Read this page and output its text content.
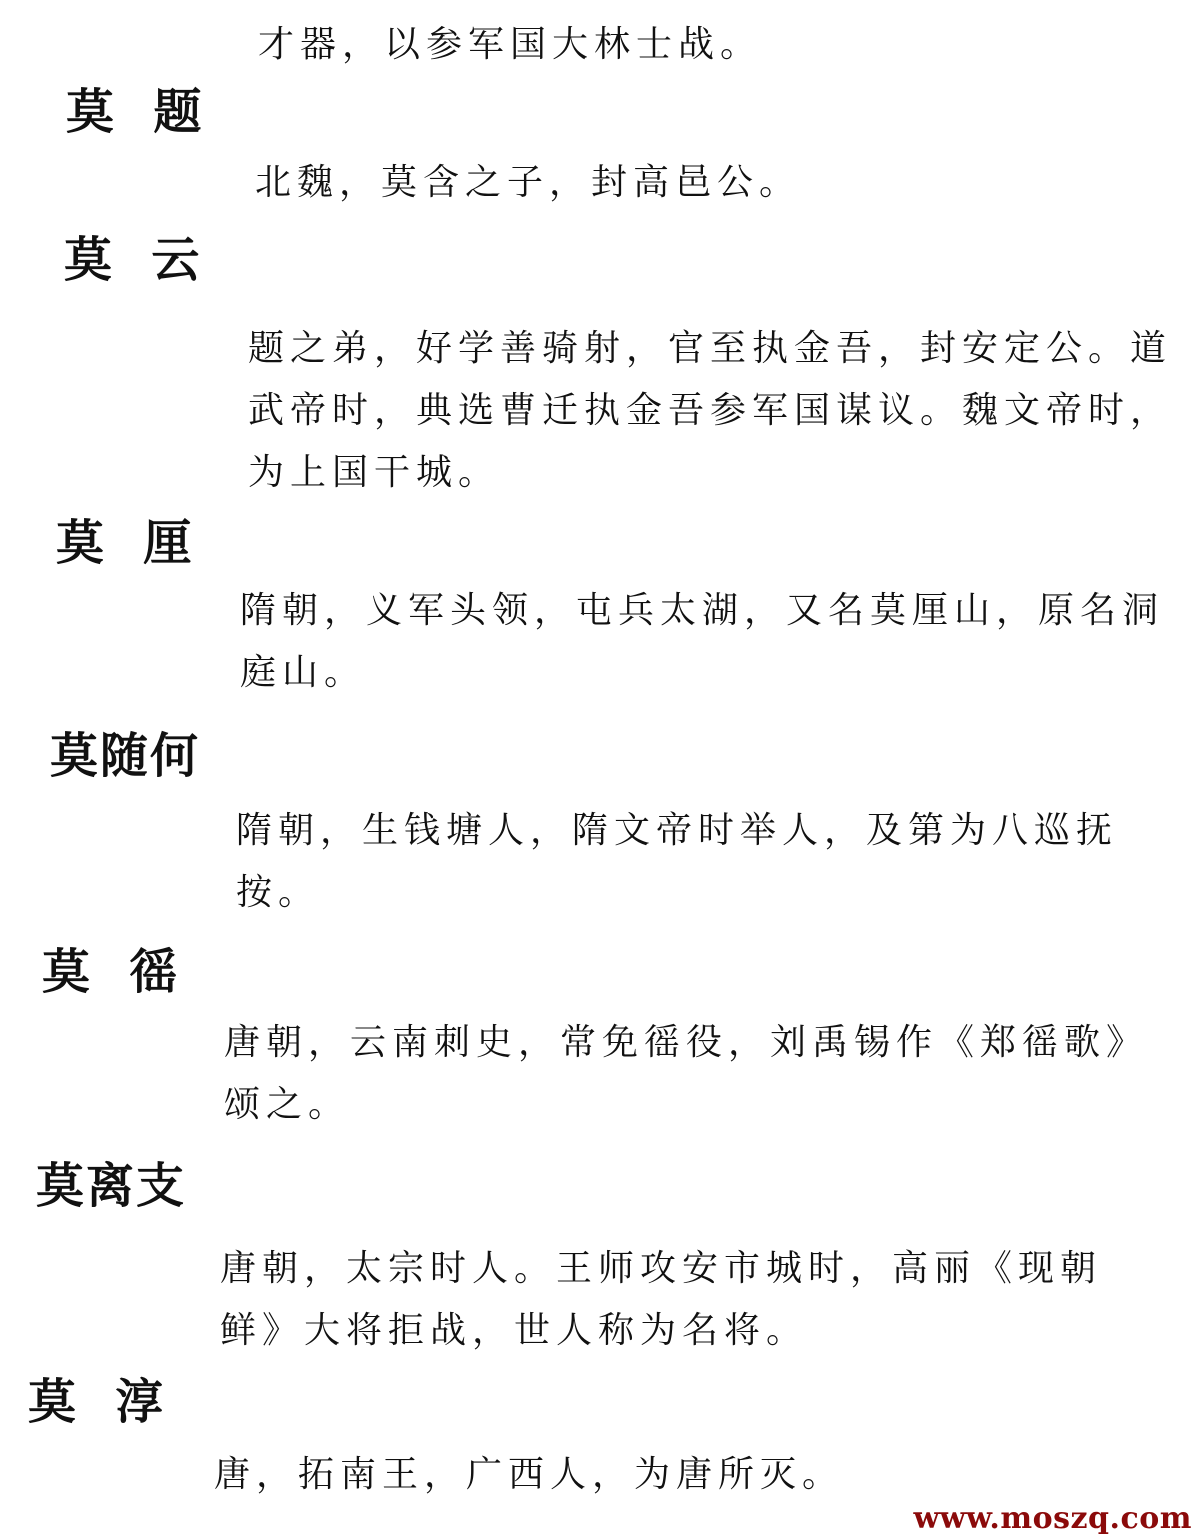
才器，以参军国大林士战。
莫  题
北魏，莫含之子，封高邑公。
莫  云
题之弟，好学善骑射，官至执金吾，封安定公。道武帝时，典选曹迁执金吾参军国谋议。魏文帝时，为上国干城。
莫  厘
隋朝，义军头领，屯兵太湖，又名莫厘山，原名洞庭山。
莫随何
隋朝，生钱塘人，隋文帝时举人，及第为八巡抚按。
莫  徭
唐朝，云南刺史，常免徭役，刘禹锡作《郑徭歌》颂之。
莫离支
唐朝，太宗时人。王师攻安市城时，高丽《现朝鲜》大将拒战，世人称为名将。
莫  淳
唐，拓南王，广西人，为唐所灭。
www.moszq.com
